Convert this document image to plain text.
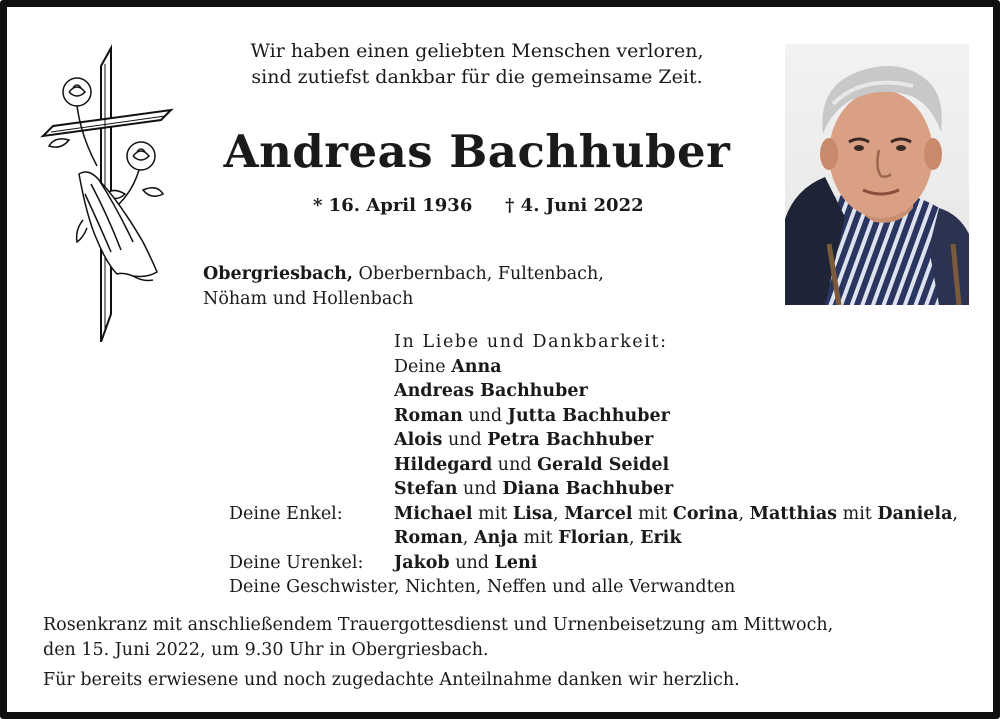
Wir haben einen geliebten Menschen verloren,
sind zutiefst dankbar für die gemeinsame Zeit.
Andreas Bachhuber
* 16. April 1936 † 4. Juni 2022
Obergriesbach, Oberbernbach, Fultenbach,
Nöham und Hollenbach
In Liebe und Dankbarkeit:
Deine Anna
Andreas Bachhuber
Roman und Jutta Bachhuber
Alois und Petra Bachhuber
Hildegard und Gerald Seidel
Stefan und Diana Bachhuber
Deine Enkel:	Michael mit Lisa, Marcel mit Corina, Matthias mit Daniela,
Roman, Anja mit Florian, Erik
Deine Urenkel:	Jakob und Leni
Deine Geschwister, Nichten, Neffen und alle Verwandten
Rosenkranz mit anschließendem Trauergottesdienst und Urnenbeisetzung am Mittwoch,
den 15. Juni 2022, um 9.30 Uhr in Obergriesbach.
Für bereits erwiesene und noch zugedachte Anteilnahme danken wir herzlich.
